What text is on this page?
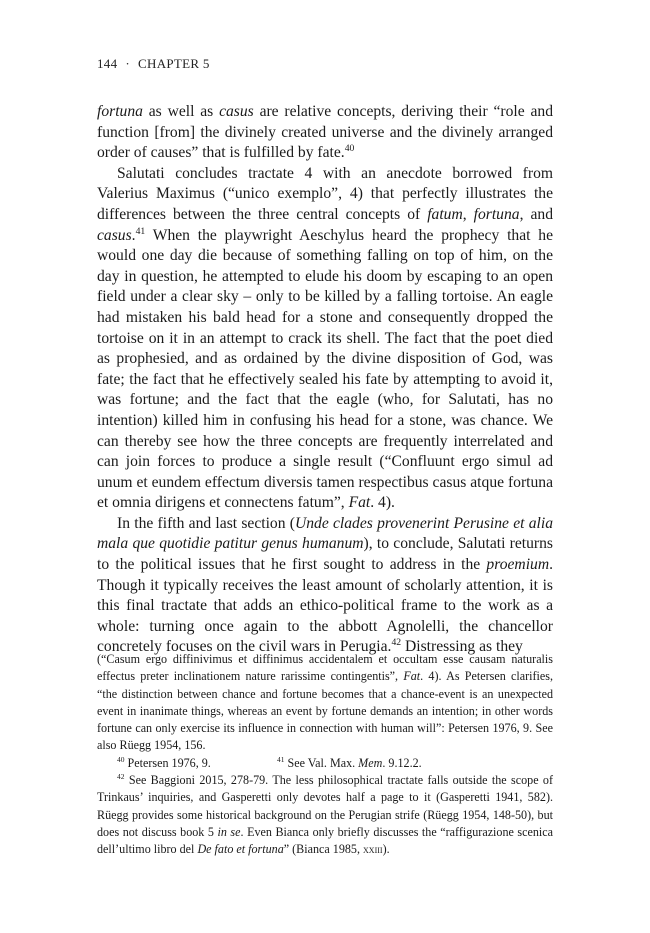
144 · CHAPTER 5

fortuna as well as casus are relative concepts, deriving their “role and function [from] the divinely created universe and the divinely arranged order of causes” that is fulfilled by fate.$^{40}$

Salutati concludes tractate 4 with an anecdote borrowed from Valerius Maximus (“unico exemplo”, 4) that perfectly illustrates the differences between the three central concepts of fatum, fortuna, and casus.$^{41}$ When the playwright Aeschylus heard the prophecy that he would one day die because of something falling on top of him, on the day in question, he attempted to elude his doom by escaping to an open field under a clear sky – only to be killed by a falling tortoise. An eagle had mistaken his bald head for a stone and consequently dropped the tortoise on it in an attempt to crack its shell. The fact that the poet died as prophesied, and as ordained by the divine disposition of God, was fate; the fact that he effectively sealed his fate by attempting to avoid it, was fortune; and the fact that the eagle (who, for Salutati, has no intention) killed him in confusing his head for a stone, was chance. We can thereby see how the three concepts are frequently interrelated and can join forces to produce a single result (“Confluunt ergo simul ad unum et eundem effectum diversis tamen respectibus casus atque fortuna et omnia dirigens et connectens fatum”, Fat. 4).

In the fifth and last section (Unde clades provenerint Perusine et alia mala que quotidie patitur genus humanum), to conclude, Salutati returns to the political issues that he first sought to address in the proemium. Though it typically receives the least amount of scholarly attention, it is this final tractate that adds an ethico-political frame to the work as a whole: turning once again to the abbott Agnolelli, the chancellor concretely focuses on the civil wars in Perugia.$^{42}$ Distressing as they

(“Casum ergo diffinivimus et diffinimus accidentalem et occultam esse causam naturalis effectus preter inclinationem nature rarissime contingentis”, Fat. 4). As Petersen clarifies, “the distinction between chance and fortune becomes that a chance-event is an unexpected event in inanimate things, whereas an event by fortune demands an intention; in other words fortune can only exercise its influence in connection with human will”: Petersen 1976, 9. See also Rüegg 1954, 156.

$^{40}$ Petersen 1976, 9.	$^{41}$ See Val. Max. Mem. 9.12.2.

$^{42}$ See Baggioni 2015, 278-79. The less philosophical tractate falls outside the scope of Trinkaus’ inquiries, and Gasperetti only devotes half a page to it (Gasperetti 1941, 582). Rüegg provides some historical background on the Perugian strife (Rüegg 1954, 148-50), but does not discuss book 5 in se. Even Bianca only briefly discusses the “raffigurazione scenica dell’ultimo libro del De fato et fortuna” (Bianca 1985, xxiii).
